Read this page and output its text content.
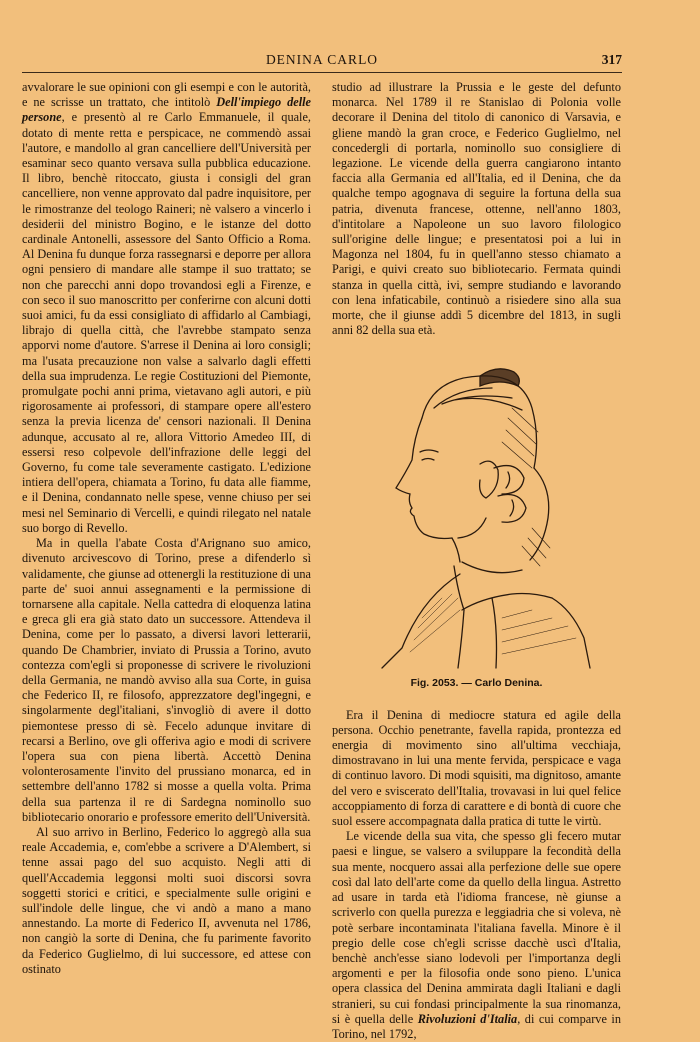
DENINA CARLO	317

avvalorare le sue opinioni con gli esempi e con le autorità, e ne scrisse un trattato, che intitolò Dell'impiego delle persone, e presentò al re Carlo Emmanuele, il quale, dotato di mente retta e perspicace, ne commendò assai l'autore, e mandollo al gran cancelliere dell'Università per esaminar seco quanto versava sulla pubblica educazione. Il libro, benchè ritoccato, giusta i consigli del gran cancelliere, non venne approvato dal padre inquisitore, per le rimostranze del teologo Raineri; nè valsero a vincerlo i desiderii del ministro Bogino, e le istanze del dotto cardinale Antonelli, assessore del Santo Officio a Roma. Al Denina fu dunque forza rassegnarsi e deporre per allora ogni pensiero di mandare alle stampe il suo trattato; se non che parecchi anni dopo trovandosi egli a Firenze, e con seco il suo manoscritto per conferirne con alcuni dotti suoi amici, fu da essi consigliato di affidarlo al Cambiagi, librajo di quella città, che l'avrebbe stampato senza apporvi nome d'autore. S'arrese il Denina ai loro consigli; ma l'usata precauzione non valse a salvarlo dagli effetti della sua imprudenza. Le regie Costituzioni del Piemonte, promulgate pochi anni prima, vietavano agli autori, e più rigorosamente ai professori, di stampare opere all'estero senza la previa licenza de' censori nazionali. Il Denina adunque, accusato al re, allora Vittorio Amedeo III, di essersi reso colpevole dell'infrazione delle leggi del Governo, fu come tale severamente castigato. L'edizione intiera dell'opera, chiamata a Torino, fu data alle fiamme, e il Denina, condannato nelle spese, venne chiuso per sei mesi nel Seminario di Vercelli, e quindi rilegato nel natale suo borgo di Revello.

Ma in quella l'abate Costa d'Arignano suo amico, divenuto arcivescovo di Torino, prese a difenderlo sì validamente, che giunse ad ottenergli la restituzione di una parte de' suoi annui assegnamenti e la permissione di tornarsene alla capitale. Nella cattedra di eloquenza latina e greca gli era già stato dato un successore. Attendeva il Denina, come per lo passato, a diversi lavori letterarii, quando De Chambrier, inviato di Prussia a Torino, avuto contezza com'egli si proponesse di scrivere le rivoluzioni della Germania, ne mandò avviso alla sua Corte, in guisa che Federico II, re filosofo, apprezzatore degl'ingegni, e singolarmente degl'italiani, s'invogliò di avere il dotto piemontese presso di sè. Fecelo adunque invitare di recarsi a Berlino, ove gli offeriva agio e modi di scrivere l'opera sua con piena libertà. Accettò Denina volonterosamente l'invito del prussiano monarca, ed in settembre dell'anno 1782 si mosse a quella volta. Prima della sua partenza il re di Sardegna nominollo suo bibliotecario onorario e professore emerito dell'Università.

Al suo arrivo in Berlino, Federico lo aggregò alla sua reale Accademia, e, com'ebbe a scrivere a D'Alembert, si tenne assai pago del suo acquisto. Negli atti di quell'Accademia leggonsi molti suoi discorsi sovra soggetti storici e critici, e specialmente sulle origini e sull'indole delle lingue, che vi andò a mano a mano annestando. La morte di Federico II, avvenuta nel 1786, non cangiò la sorte di Denina, che fu parimente favorito da Federico Guglielmo, di lui successore, ed attese con ostinato

studio ad illustrare la Prussia e le geste del defunto monarca. Nel 1789 il re Stanislao di Polonia volle decorare il Denina del titolo di canonico di Varsavia, e gliene mandò la gran croce, e Federico Guglielmo, nel concedergli di portarla, nominollo suo consigliere di legazione. Le vicende della guerra cangiarono intanto faccia alla Germania ed all'Italia, ed il Denina, che da qualche tempo agognava di seguire la fortuna della sua patria, divenuta francese, ottenne, nell'anno 1803, d'intitolare a Napoleone un suo lavoro filologico sull'origine delle lingue; e presentatosi poi a lui in Magonza nel 1804, fu in quell'anno stesso chiamato a Parigi, e quivi creato suo bibliotecario. Fermata quindi stanza in quella città, ivi, sempre studiando e lavorando con lena infaticabile, continuò a risiedere sino alla sua morte, che il giunse addì 5 dicembre del 1813, in sugli anni 82 della sua età.

Fig. 2053. — Carlo Denina.

Era il Denina di mediocre statura ed agile della persona. Occhio penetrante, favella rapida, prontezza ed energia di movimento sino all'ultima vecchiaja, dimostravano in lui una mente fervida, perspicace e vaga di continuo lavoro. Di modi squisiti, ma dignitoso, amante del vero e sviscerato dell'Italia, trovavasi in lui quel felice accoppiamento di forza di carattere e di bontà di cuore che suol essere accompagnata dalla pratica di tutte le virtù.

Le vicende della sua vita, che spesso gli fecero mutar paesi e lingue, se valsero a sviluppare la fecondità della sua mente, nocquero assai alla perfezione delle sue opere così dal lato dell'arte come da quello della lingua. Astretto ad usare in tarda età l'idioma francese, nè giunse a scriverlo con quella purezza e leggiadria che si voleva, nè potè serbare incontaminata l'italiana favella. Minore è il pregio delle cose ch'egli scrisse dacchè uscì d'Italia, benchè anch'esse siano lodevoli per l'importanza degli argomenti e per la filosofia onde sono pieno. L'unica opera classica del Denina ammirata dagli Italiani e dagli stranieri, su cui fondasi principalmente la sua rinomanza, si è quella delle Rivoluzioni d'Italia, di cui comparve in Torino, nel 1792,
